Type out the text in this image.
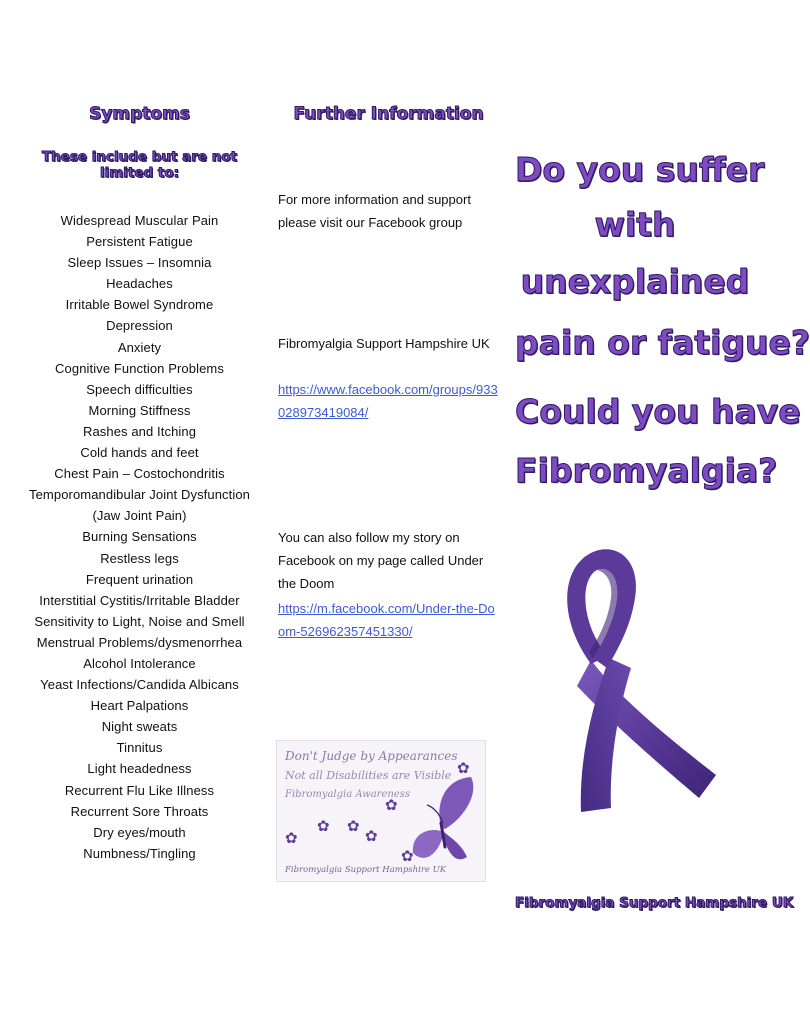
Symptoms
These include but are not limited to:
Widespread Muscular Pain
Persistent Fatigue
Sleep Issues – Insomnia
Headaches
Irritable Bowel Syndrome
Depression
Anxiety
Cognitive Function Problems
Speech difficulties
Morning Stiffness
Rashes and Itching
Cold hands and feet
Chest Pain – Costochondritis
Temporomandibular Joint Dysfunction
(Jaw Joint Pain)
Burning Sensations
Restless legs
Frequent urination
Interstitial Cystitis/Irritable Bladder
Sensitivity to Light, Noise and Smell
Menstrual Problems/dysmenorrhea
Alcohol Intolerance
Yeast Infections/Candida Albicans
Heart Palpations
Night sweats
Tinnitus
Light headedness
Recurrent Flu Like Illness
Recurrent Sore Throats
Dry eyes/mouth
Numbness/Tingling
Further Information

For more information and support please visit our Facebook group

Fibromyalgia Support Hampshire UK

https://www.facebook.com/groups/933028973419084/

You can also follow my story on Facebook on my page called Under the Doom

https://m.facebook.com/Under-the-Doom-526962357451330/
Don't Judge by Appearances
Not all Disabilities are Visible
Fibromyalgia Awareness
✿
✿
✿
✿ ✿
✿
✿
Fibromyalgia Support Hampshire UK
Do you suffer
with
unexplained
pain or fatigue?
Could you have
Fibromyalgia?
Fibromyalgia Support Hampshire UK
